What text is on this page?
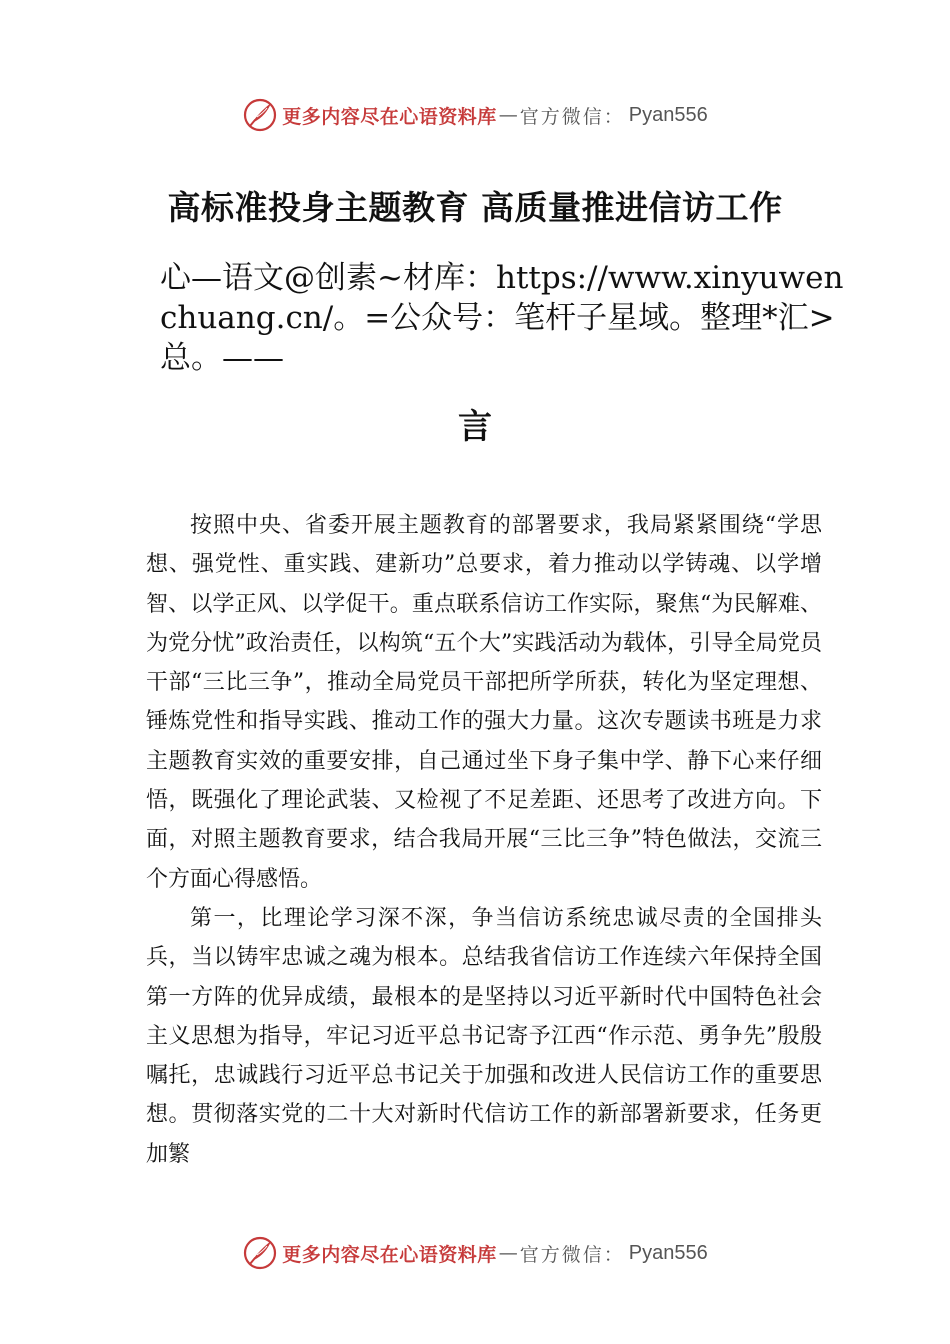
更多内容尽在心语资料库 — 官方微信： Pyan556
高标准投身主题教育 高质量推进信访工作
心—语文@创素~材库：https://www.xinyuwenchuang.cn/。=公众号：笔杆子星域。整理*汇>总。——
言

按照中央、省委开展主题教育的部署要求，我局紧紧围绕“学思想、强党性、重实践、建新功”总要求，着力推动以学铸魂、以学增智、以学正风、以学促干。重点联系信访工作实际，聚焦“为民解难、为党分忧”政治责任，以构筑“五个大”实践活动为载体，引导全局党员干部“三比三争”，推动全局党员干部把所学所获，转化为坚定理想、锤炼党性和指导实践、推动工作的强大力量。这次专题读书班是力求主题教育实效的重要安排，自己通过坐下身子集中学、静下心来仔细悟，既强化了理论武装、又检视了不足差距、还思考了改进方向。下面，对照主题教育要求，结合我局开展“三比三争”特色做法，交流三个方面心得感悟。

第一，比理论学习深不深，争当信访系统忠诚尽责的全国排头兵，当以铸牢忠诚之魂为根本。总结我省信访工作连续六年保持全国第一方阵的优异成绩，最根本的是坚持以习近平新时代中国特色社会主义思想为指导，牢记习近平总书记寄予江西“作示范、勇争先”殷殷嘱托，忠诚践行习近平总书记关于加强和改进人民信访工作的重要思想。贯彻落实党的二十大对新时代信访工作的新部署新要求，任务更加繁

更多内容尽在心语资料库 — 官方微信： Pyan556
